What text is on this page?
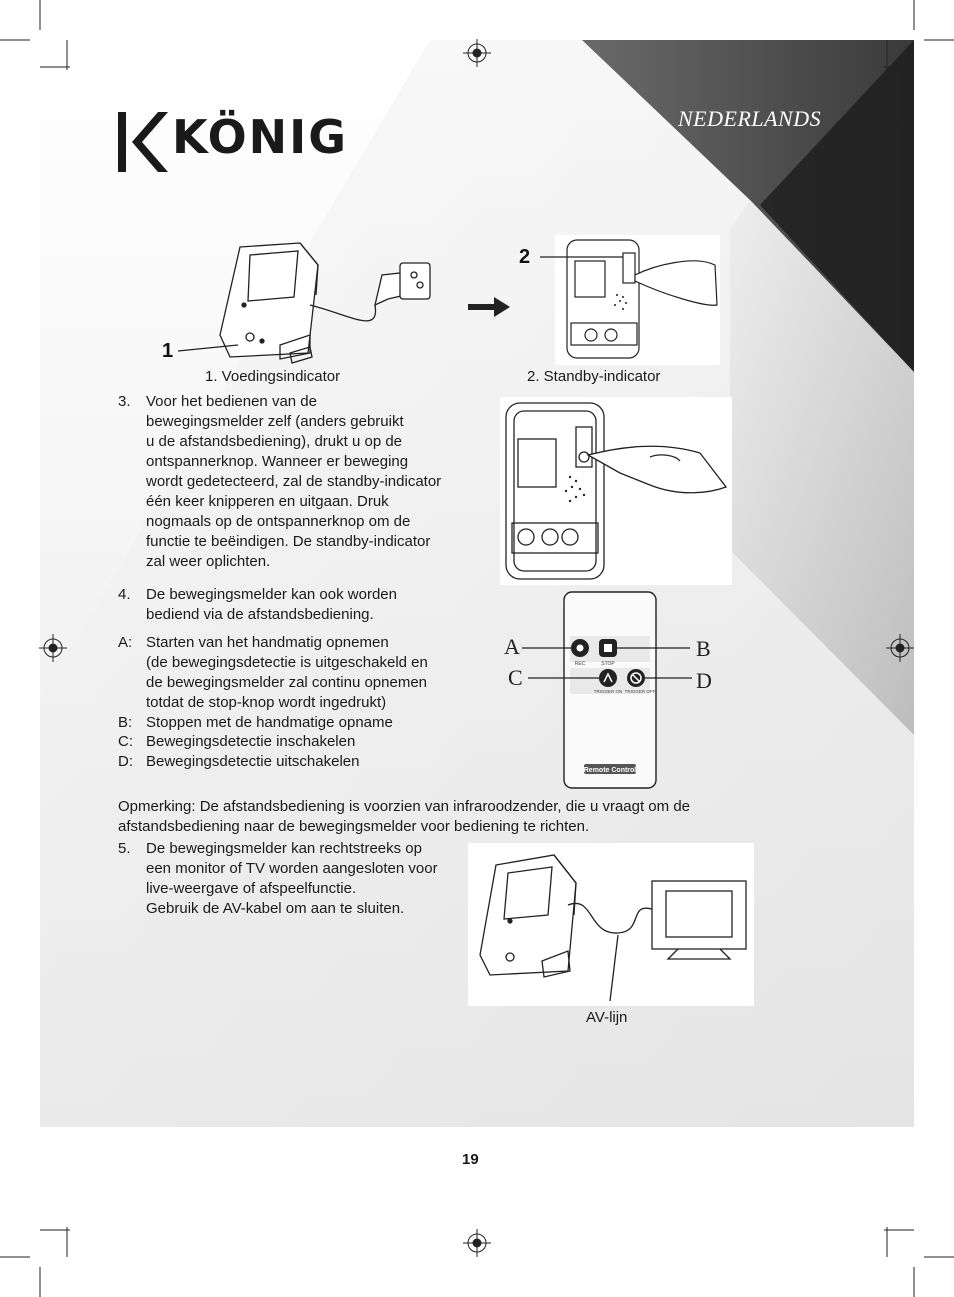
KÖNIG	NEDERLANDS
1
2
1. Voedingsindicator	2. Standby-indicator
3. Voor het bedienen van de
bewegingsmelder zelf (anders gebruikt
u de afstandsbediening), drukt u op de
ontspannerknop. Wanneer er beweging
wordt gedetecteerd, zal de standby-indicator
één keer knipperen en uitgaan. Druk
nogmaals op de ontspannerknop om de
functie te beëindigen. De standby-indicator
zal weer oplichten.
4. De bewegingsmelder kan ook worden
bediend via de afstandsbediening.
A: Starten van het handmatig opnemen
(de bewegingsdetectie is uitgeschakeld en
de bewegingsmelder zal continu opnemen
totdat de stop-knop wordt ingedrukt)
B: Stoppen met de handmatige opname
C: Bewegingsdetectie inschakelen
D: Bewegingsdetectie uitschakelen
REC	STOP
TRIGGER ON TRIGGER OFF
Remote Control
A	B
C	D
Opmerking: De afstandsbediening is voorzien van infraroodzender, die u vraagt om de
afstandsbediening naar de bewegingsmelder voor bediening te richten.
5. De bewegingsmelder kan rechtstreeks op
een monitor of TV worden aangesloten voor
live-weergave of afspeelfunctie.
Gebruik de AV-kabel om aan te sluiten.
AV-lijn
19
